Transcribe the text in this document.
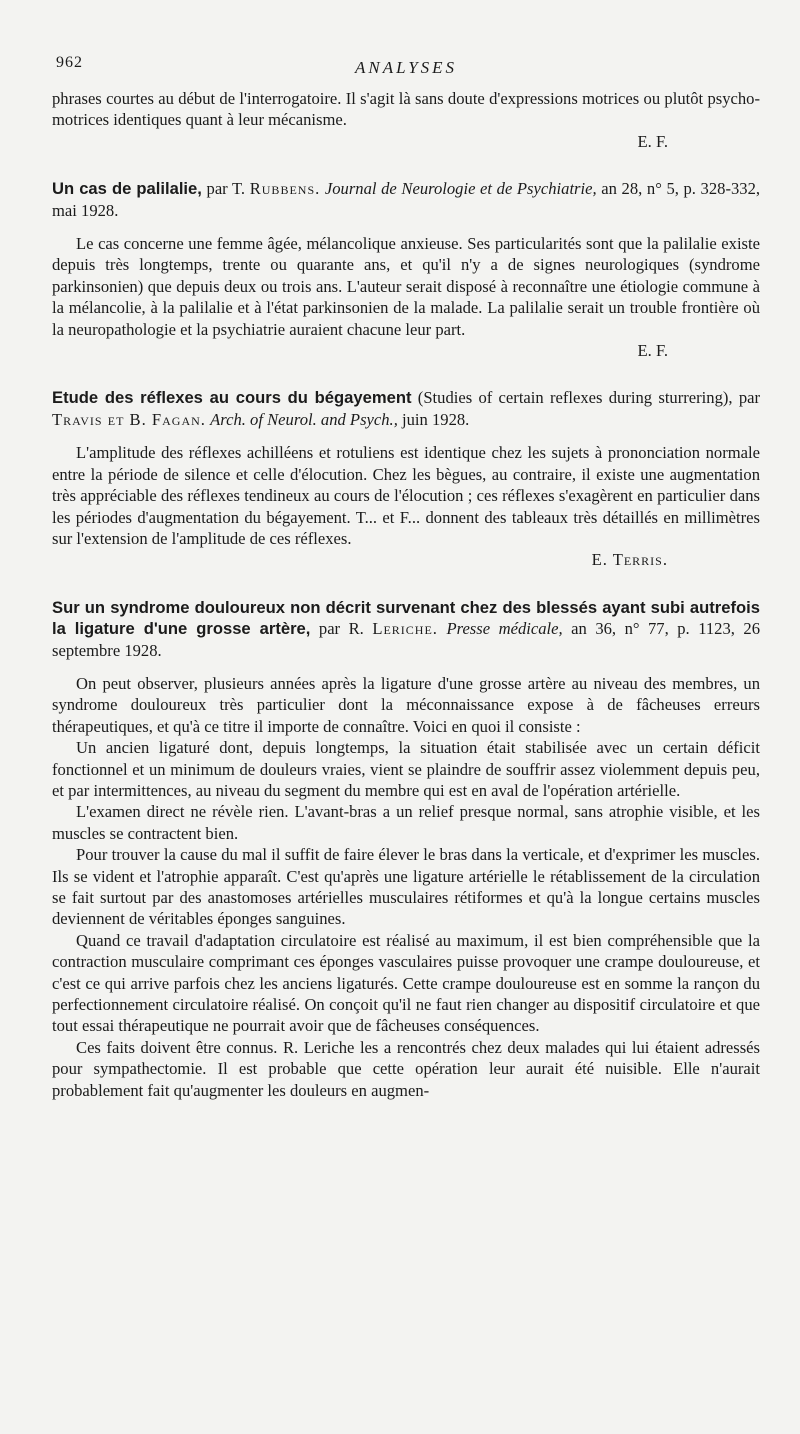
962	ANALYSES

phrases courtes au début de l'interrogatoire. Il s'agit là sans doute d'expressions motrices ou plutôt psycho-motrices identiques quant à leur mécanisme.

E. F.

Un cas de palilalie, par T. Rubbens. Journal de Neurologie et de Psychiatrie, an 28, n° 5, p. 328-332, mai 1928.

Le cas concerne une femme âgée, mélancolique anxieuse. Ses particularités sont que la palilalie existe depuis très longtemps, trente ou quarante ans, et qu'il n'y a de signes neurologiques (syndrome parkinsonien) que depuis deux ou trois ans. L'auteur serait disposé à reconnaître une étiologie commune à la mélancolie, à la palilalie et à l'état parkinsonien de la malade. La palilalie serait un trouble frontière où la neuropathologie et la psychiatrie auraient chacune leur part.

E. F.

Etude des réflexes au cours du bégayement (Studies of certain reflexes during sturrering), par Travis et B. Fagan. Arch. of Neurol. and Psych., juin 1928.

L'amplitude des réflexes achilléens et rotuliens est identique chez les sujets à prononciation normale entre la période de silence et celle d'élocution. Chez les bègues, au contraire, il existe une augmentation très appréciable des réflexes tendineux au cours de l'élocution ; ces réflexes s'exagèrent en particulier dans les périodes d'augmentation du bégayement. T... et F... donnent des tableaux très détaillés en millimètres sur l'extension de l'amplitude de ces réflexes.

E. Terris.

Sur un syndrome douloureux non décrit survenant chez des blessés ayant subi autrefois la ligature d'une grosse artère, par R. Leriche. Presse médicale, an 36, n° 77, p. 1123, 26 septembre 1928.

On peut observer, plusieurs années après la ligature d'une grosse artère au niveau des membres, un syndrome douloureux très particulier dont la méconnaissance expose à de fâcheuses erreurs thérapeutiques, et qu'à ce titre il importe de connaître. Voici en quoi il consiste :

Un ancien ligaturé dont, depuis longtemps, la situation était stabilisée avec un certain déficit fonctionnel et un minimum de douleurs vraies, vient se plaindre de souffrir assez violemment depuis peu, et par intermittences, au niveau du segment du membre qui est en aval de l'opération artérielle.

L'examen direct ne révèle rien. L'avant-bras a un relief presque normal, sans atrophie visible, et les muscles se contractent bien.

Pour trouver la cause du mal il suffit de faire élever le bras dans la verticale, et d'exprimer les muscles. Ils se vident et l'atrophie apparaît. C'est qu'après une ligature artérielle le rétablissement de la circulation se fait surtout par des anastomoses artérielles musculaires rétiformes et qu'à la longue certains muscles deviennent de véritables éponges sanguines.

Quand ce travail d'adaptation circulatoire est réalisé au maximum, il est bien compréhensible que la contraction musculaire comprimant ces éponges vasculaires puisse provoquer une crampe douloureuse, et c'est ce qui arrive parfois chez les anciens ligaturés. Cette crampe douloureuse est en somme la rançon du perfectionnement circulatoire réalisé. On conçoit qu'il ne faut rien changer au dispositif circulatoire et que tout essai thérapeutique ne pourrait avoir que de fâcheuses conséquences.

Ces faits doivent être connus. R. Leriche les a rencontrés chez deux malades qui lui étaient adressés pour sympathectomie. Il est probable que cette opération leur aurait été nuisible. Elle n'aurait probablement fait qu'augmenter les douleurs en augmen-
